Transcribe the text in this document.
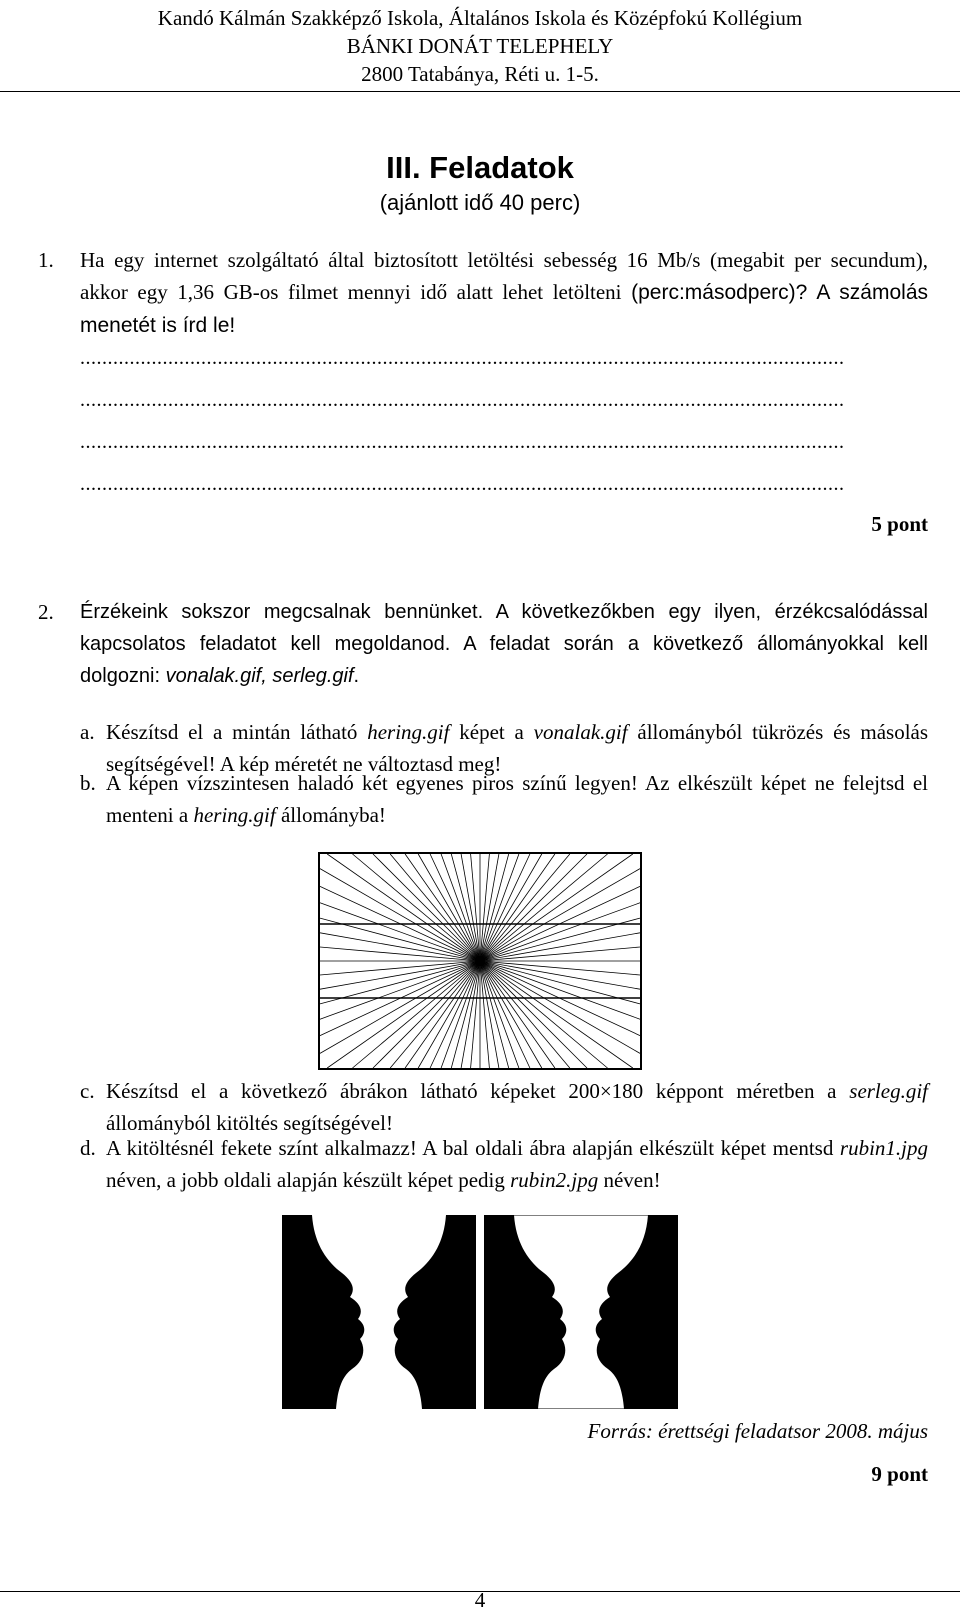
Kandó Kálmán Szakképző Iskola, Általános Iskola és Középfokú Kollégium
BÁNKI DONÁT TELEPHELY
2800 Tatabánya, Réti u. 1-5.
III. Feladatok
(ajánlott idő 40 perc)
1.	Ha egy internet szolgáltató által biztosított letöltési sebesség 16 Mb/s (megabit per secundum), akkor egy 1,36 GB-os filmet mennyi idő alatt lehet letölteni (perc:másodperc)? A számolás menetét is írd le!
...........................................................................................................................................
...........................................................................................................................................
...........................................................................................................................................
...........................................................................................................................................
5 pont
2.	Érzékeink sokszor megcsalnak bennünket. A következőkben egy ilyen, érzékcsalódással kapcsolatos feladatot kell megoldanod. A feladat során a következő állományokkal kell dolgozni: vonalak.gif, serleg.gif.
a. Készítsd el a mintán látható hering.gif képet a vonalak.gif állományból tükrözés és másolás segítségével! A kép méretét ne változtasd meg!
b. A képen vízszintesen haladó két egyenes piros színű legyen! Az elkészült képet ne felejtsd el menteni a hering.gif állományba!
c. Készítsd el a következő ábrákon látható képeket 200×180 képpont méretben a serleg.gif állományból kitöltés segítségével!
d. A kitöltésnél fekete színt alkalmazz! A bal oldali ábra alapján elkészült képet mentsd rubin1.jpg néven, a jobb oldali alapján készült képet pedig rubin2.jpg néven!
Forrás: érettségi feladatsor 2008. május
9 pont
4
